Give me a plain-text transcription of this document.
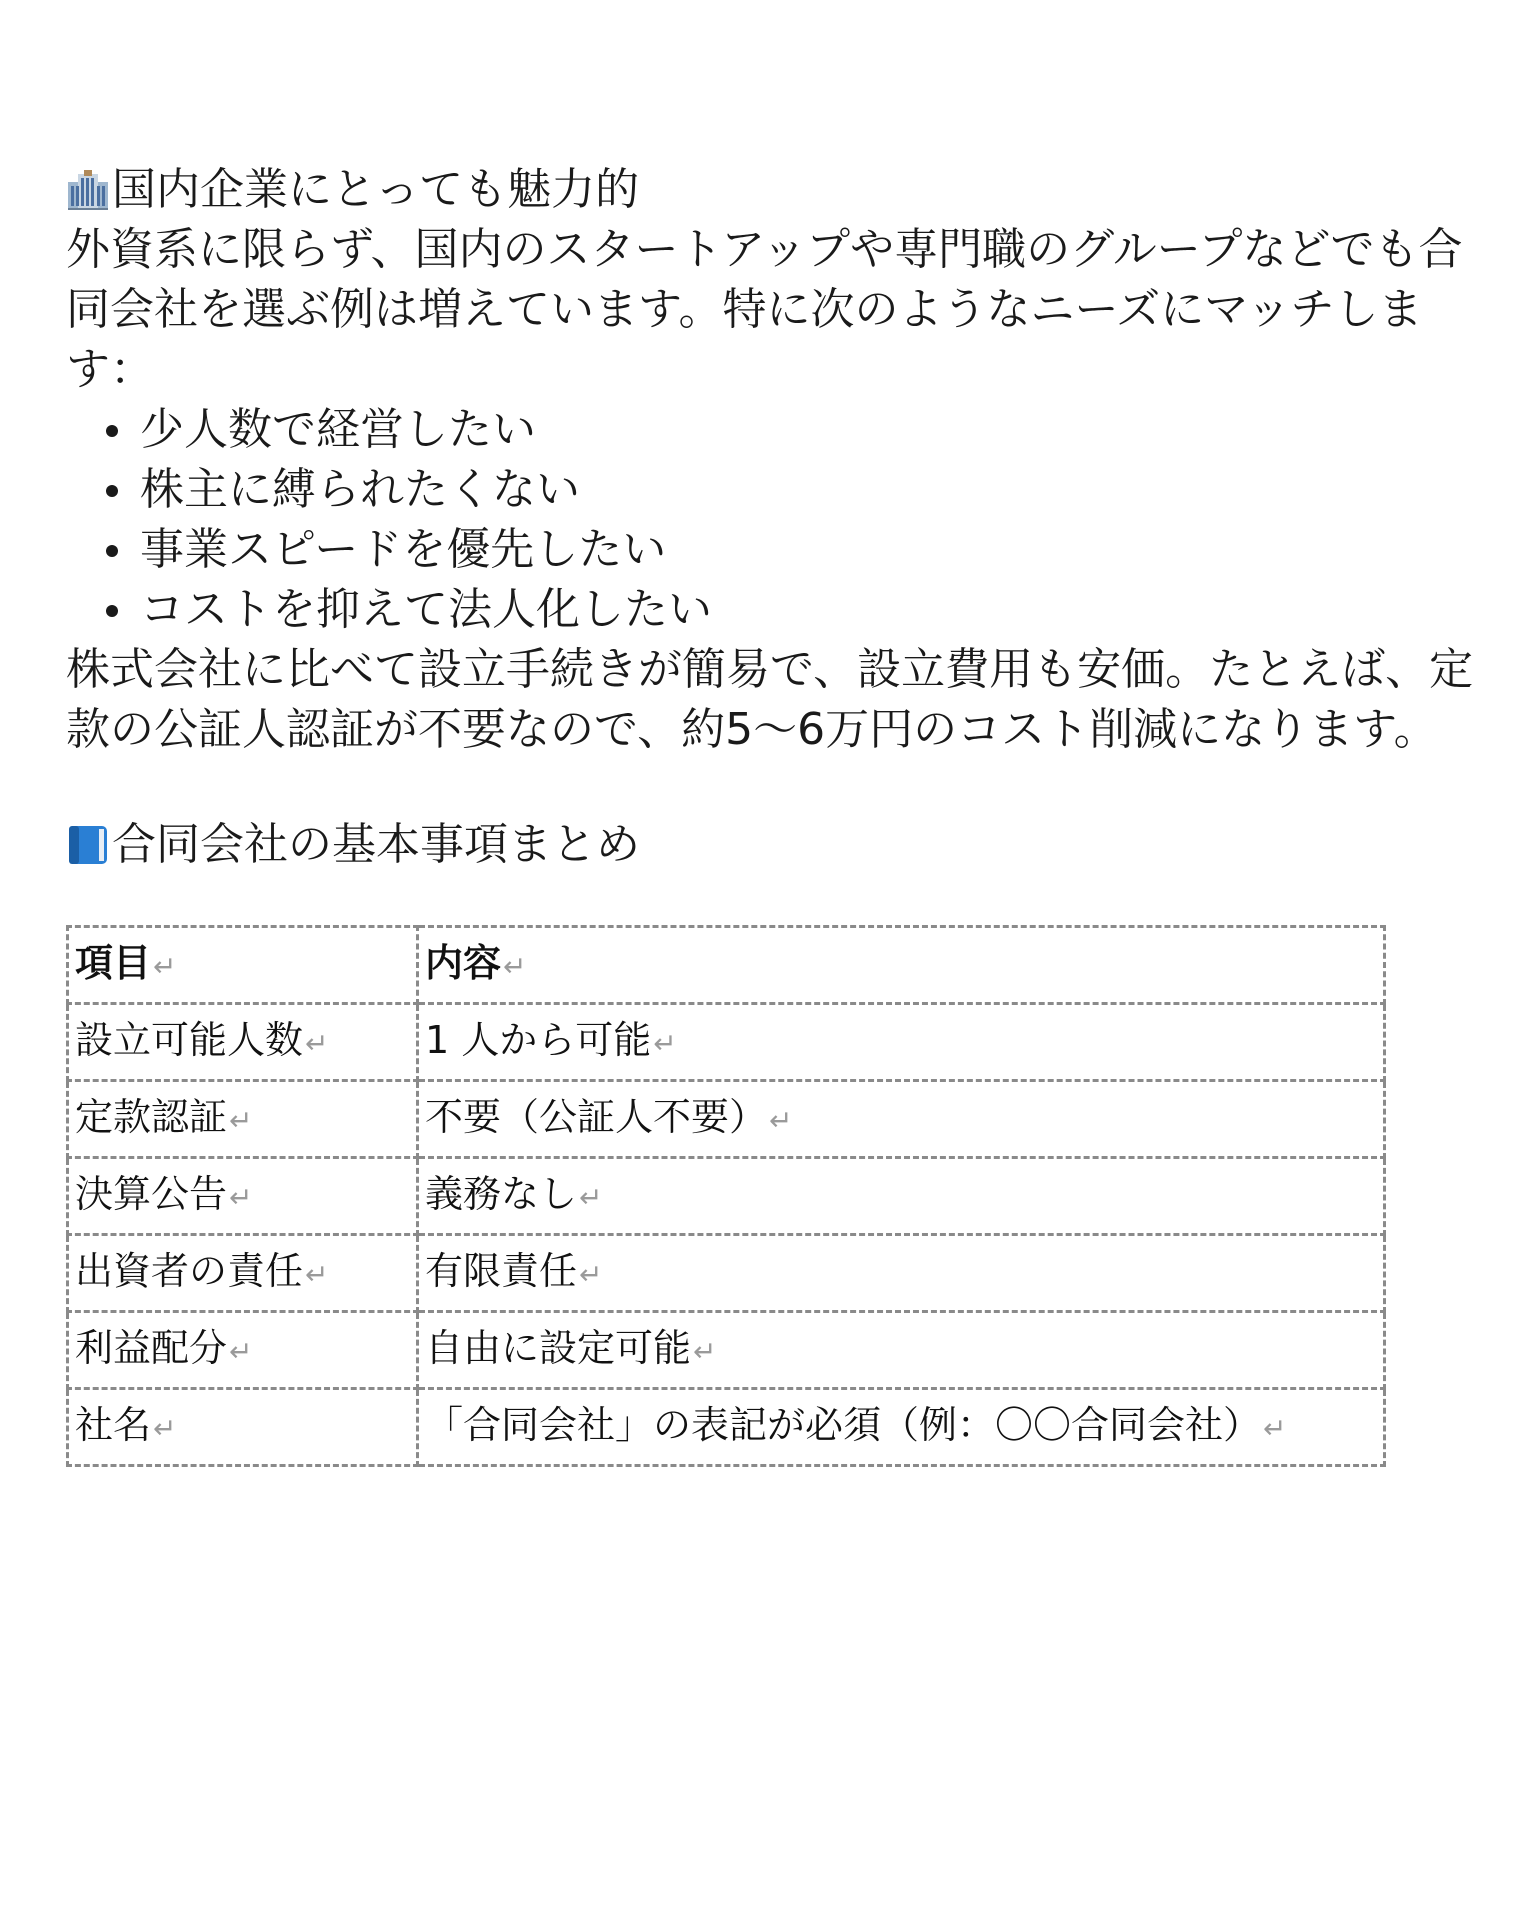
国内企業にとっても魅力的

外資系に限らず、国内のスタートアップや専門職のグループなどでも合同会社を選ぶ例は増えています。特に次のようなニーズにマッチします：

少人数で経営したい
株主に縛られたくない
事業スピードを優先したい
コストを抑えて法人化したい

株式会社に比べて設立手続きが簡易で、設立費用も安価。たとえば、定款の公証人認証が不要なので、約5〜6万円のコスト削減になります。

合同会社の基本事項まとめ
項目↵	内容↵
設立可能人数↵	1 人から可能↵
定款認証↵	不要（公証人不要）↵
決算公告↵	義務なし↵
出資者の責任↵	有限責任↵
利益配分↵	自由に設定可能↵
社名↵	「合同会社」の表記が必須（例：〇〇合同会社）↵
